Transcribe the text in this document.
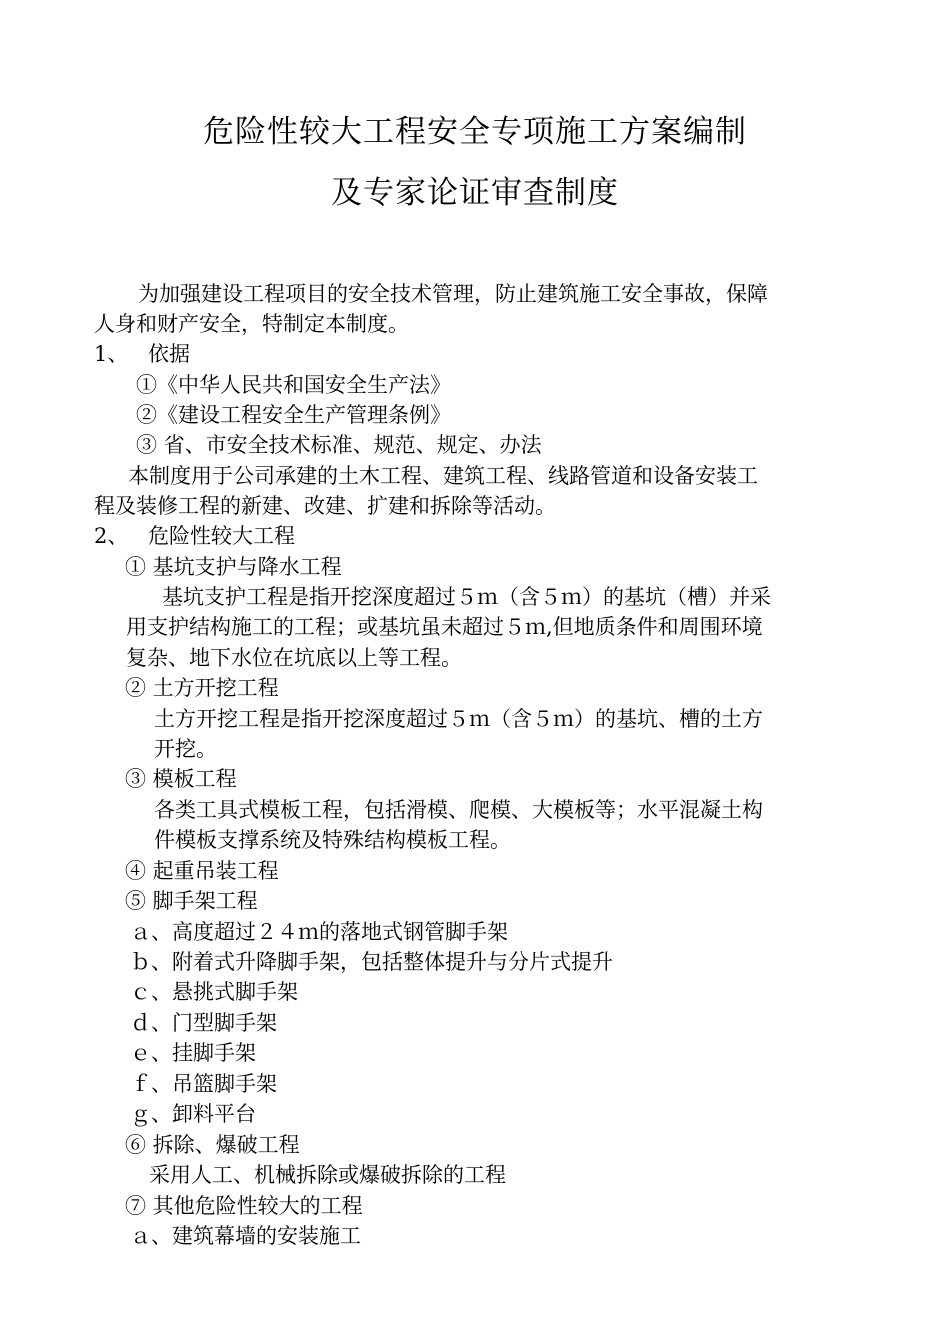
危险性较大工程安全专项施工方案编制
及专家论证审查制度
为加强建设工程项目的安全技术管理，防止建筑施工安全事故，保障
人身和财产安全，特制定本制度。
1、 依据
①《中华人民共和国安全生产法》
②《建设工程安全生产管理条例》
③ 省、市安全技术标准、规范、规定、办法
本制度用于公司承建的土木工程、建筑工程、线路管道和设备安装工
程及装修工程的新建、改建、扩建和拆除等活动。
2、 危险性较大工程
① 基坑支护与降水工程
基坑支护工程是指开挖深度超过５ｍ（含５ｍ）的基坑（槽）并采
用支护结构施工的工程；或基坑虽未超过５ｍ,但地质条件和周围环境
复杂、地下水位在坑底以上等工程。
② 土方开挖工程
土方开挖工程是指开挖深度超过５ｍ（含５ｍ）的基坑、槽的土方
开挖。
③ 模板工程
各类工具式模板工程，包括滑模、爬模、大模板等；水平混凝土构
件模板支撑系统及特殊结构模板工程。
④ 起重吊装工程
⑤ 脚手架工程
ａ、高度超过２４ｍ的落地式钢管脚手架
ｂ、附着式升降脚手架，包括整体提升与分片式提升
ｃ、悬挑式脚手架
ｄ、门型脚手架
ｅ、挂脚手架
ｆ、吊篮脚手架
ｇ、卸料平台
⑥ 拆除、爆破工程
采用人工、机械拆除或爆破拆除的工程
⑦ 其他危险性较大的工程
ａ、建筑幕墙的安装施工
